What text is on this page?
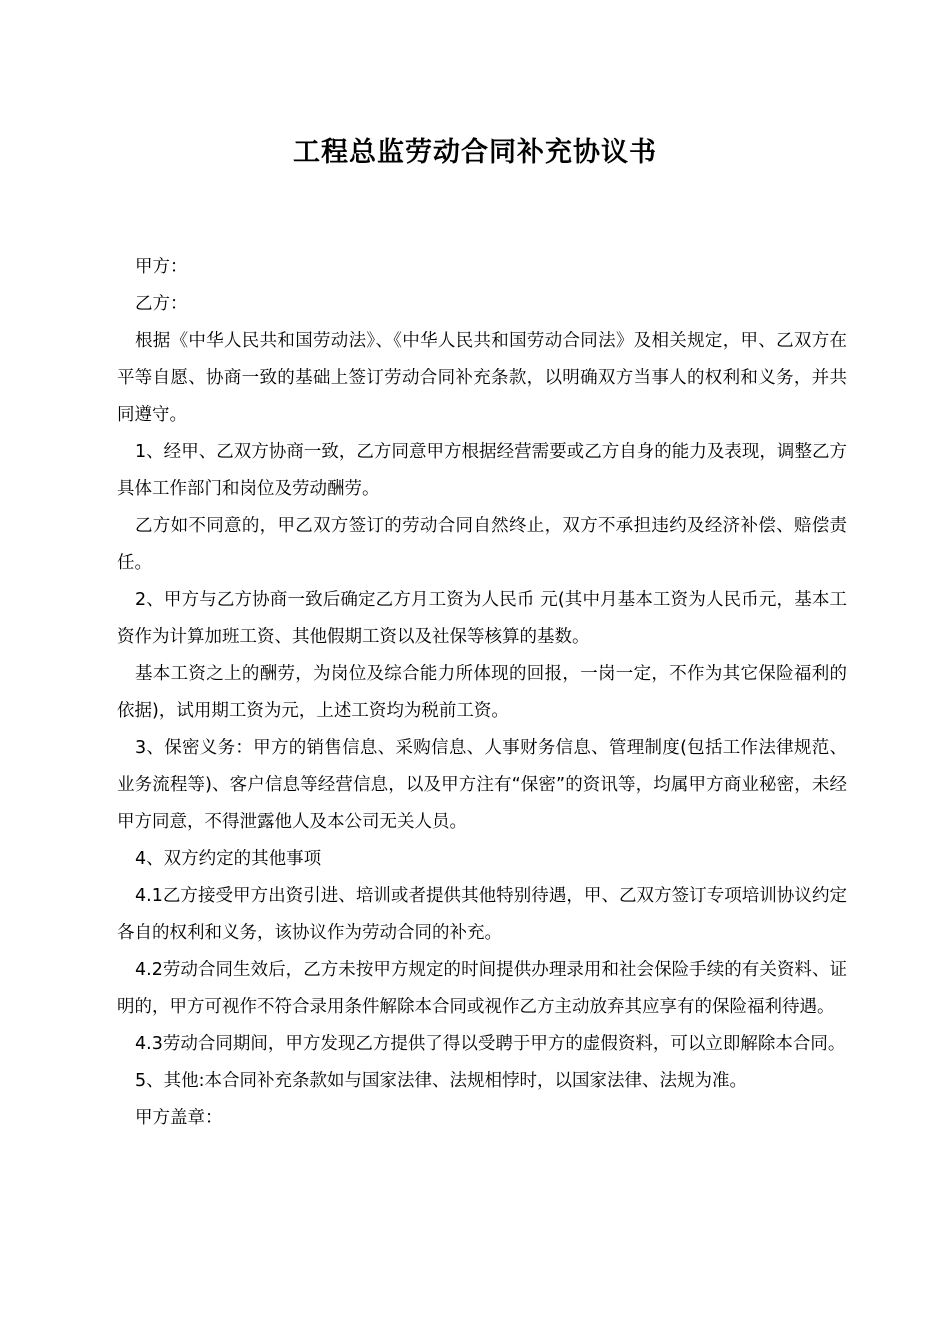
工程总监劳动合同补充协议书

甲方：

乙方：

根据《中华人民共和国劳动法》、《中华人民共和国劳动合同法》及相关规定，甲、乙双方在平等自愿、协商一致的基础上签订劳动合同补充条款，以明确双方当事人的权利和义务，并共同遵守。

1、经甲、乙双方协商一致，乙方同意甲方根据经营需要或乙方自身的能力及表现，调整乙方具体工作部门和岗位及劳动酬劳。

乙方如不同意的，甲乙双方签订的劳动合同自然终止，双方不承担违约及经济补偿、赔偿责任。

2、甲方与乙方协商一致后确定乙方月工资为人民币 元(其中月基本工资为人民币元，基本工资作为计算加班工资、其他假期工资以及社保等核算的基数。

基本工资之上的酬劳，为岗位及综合能力所体现的回报，一岗一定，不作为其它保险福利的依据)，试用期工资为元，上述工资均为税前工资。

3、保密义务：甲方的销售信息、采购信息、人事财务信息、管理制度(包括工作法律规范、业务流程等)、客户信息等经营信息，以及甲方注有“保密”的资讯等，均属甲方商业秘密，未经甲方同意，不得泄露他人及本公司无关人员。

4、双方约定的其他事项

4.1乙方接受甲方出资引进、培训或者提供其他特别待遇，甲、乙双方签订专项培训协议约定各自的权利和义务，该协议作为劳动合同的补充。

4.2劳动合同生效后，乙方未按甲方规定的时间提供办理录用和社会保险手续的有关资料、证明的，甲方可视作不符合录用条件解除本合同或视作乙方主动放弃其应享有的保险福利待遇。

4.3劳动合同期间，甲方发现乙方提供了得以受聘于甲方的虚假资料，可以立即解除本合同。

5、其他:本合同补充条款如与国家法律、法规相悖时，以国家法律、法规为准。

甲方盖章：
